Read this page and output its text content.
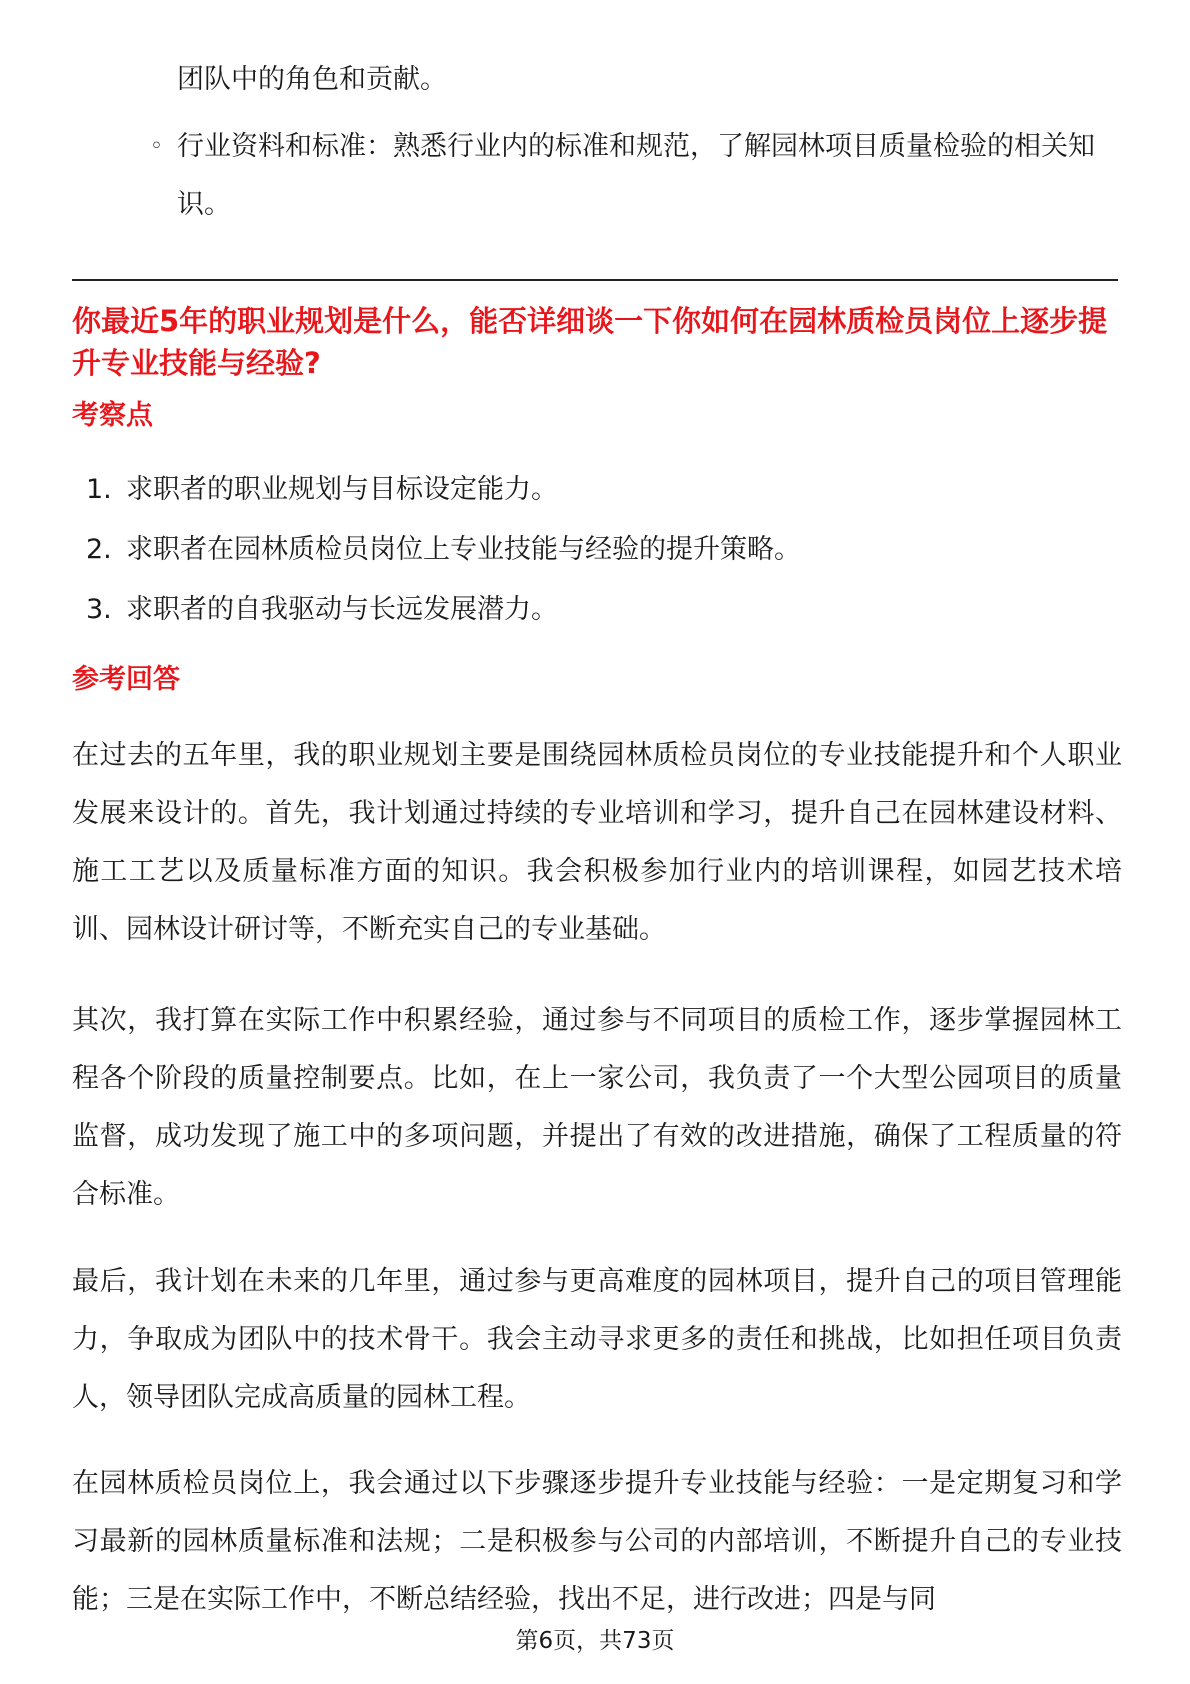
团队中的角色和贡献。
◦ 行业资料和标准：熟悉行业内的标准和规范，了解园林项目质量检验的相关知识。
你最近5年的职业规划是什么，能否详细谈一下你如何在园林质检员岗位上逐步提升专业技能与经验?
考察点
1. 求职者的职业规划与目标设定能力。
2. 求职者在园林质检员岗位上专业技能与经验的提升策略。
3. 求职者的自我驱动与长远发展潜力。
参考回答
在过去的五年里，我的职业规划主要是围绕园林质检员岗位的专业技能提升和个人职业发展来设计的。首先，我计划通过持续的专业培训和学习，提升自己在园林建设材料、施工工艺以及质量标准方面的知识。我会积极参加行业内的培训课程，如园艺技术培训、园林设计研讨等，不断充实自己的专业基础。
其次，我打算在实际工作中积累经验，通过参与不同项目的质检工作，逐步掌握园林工程各个阶段的质量控制要点。比如，在上一家公司，我负责了一个大型公园项目的质量监督，成功发现了施工中的多项问题，并提出了有效的改进措施，确保了工程质量的符合标准。
最后，我计划在未来的几年里，通过参与更高难度的园林项目，提升自己的项目管理能力，争取成为团队中的技术骨干。我会主动寻求更多的责任和挑战，比如担任项目负责人，领导团队完成高质量的园林工程。
在园林质检员岗位上，我会通过以下步骤逐步提升专业技能与经验：一是定期复习和学习最新的园林质量标准和法规；二是积极参与公司的内部培训，不断提升自己的专业技能；三是在实际工作中，不断总结经验，找出不足，进行改进；四是与同
第6页，共73页
